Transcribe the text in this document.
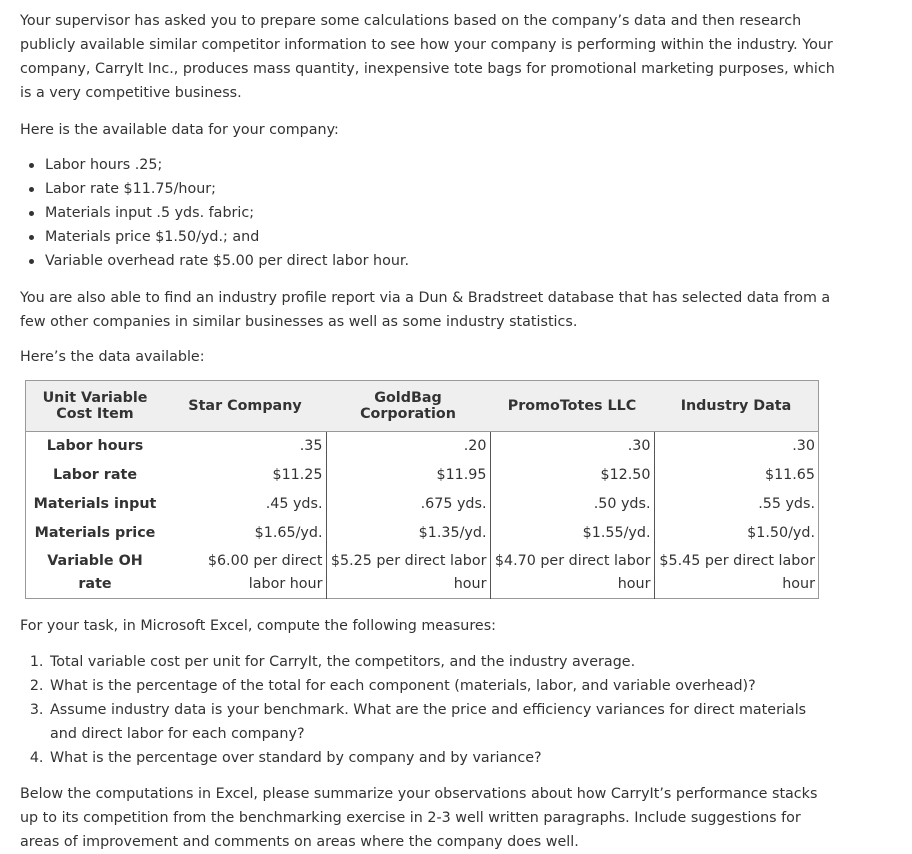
Your supervisor has asked you to prepare some calculations based on the company’s data and then research publicly available similar competitor information to see how your company is performing within the industry. Your company, CarryIt Inc., produces mass quantity, inexpensive tote bags for promotional marketing purposes, which is a very competitive business.

Here is the available data for your company:

Labor hours .25;
Labor rate $11.75/hour;
Materials input .5 yds. fabric;
Materials price $1.50/yd.; and
Variable overhead rate $5.00 per direct labor hour.

You are also able to find an industry profile report via a Dun & Bradstreet database that has selected data from a few other companies in similar businesses as well as some industry statistics.

Here’s the data available:

Unit Variable Cost Item	Star Company	GoldBag Corporation	PromoTotes LLC	Industry Data
Labor hours	.35	.20	.30	.30
Labor rate	$11.25	$11.95	$12.50	$11.65
Materials input	.45 yds.	.675 yds.	.50 yds.	.55 yds.
Materials price	$1.65/yd.	$1.35/yd.	$1.55/yd.	$1.50/yd.
Variable OH rate	$6.00 per direct labor hour	$5.25 per direct labor hour	$4.70 per direct labor hour	$5.45 per direct labor hour

For your task, in Microsoft Excel, compute the following measures:

1. Total variable cost per unit for CarryIt, the competitors, and the industry average.
2. What is the percentage of the total for each component (materials, labor, and variable overhead)?
3. Assume industry data is your benchmark. What are the price and efficiency variances for direct materials and direct labor for each company?
4. What is the percentage over standard by company and by variance?

Below the computations in Excel, please summarize your observations about how CarryIt’s performance stacks up to its competition from the benchmarking exercise in 2-3 well written paragraphs. Include suggestions for areas of improvement and comments on areas where the company does well.
